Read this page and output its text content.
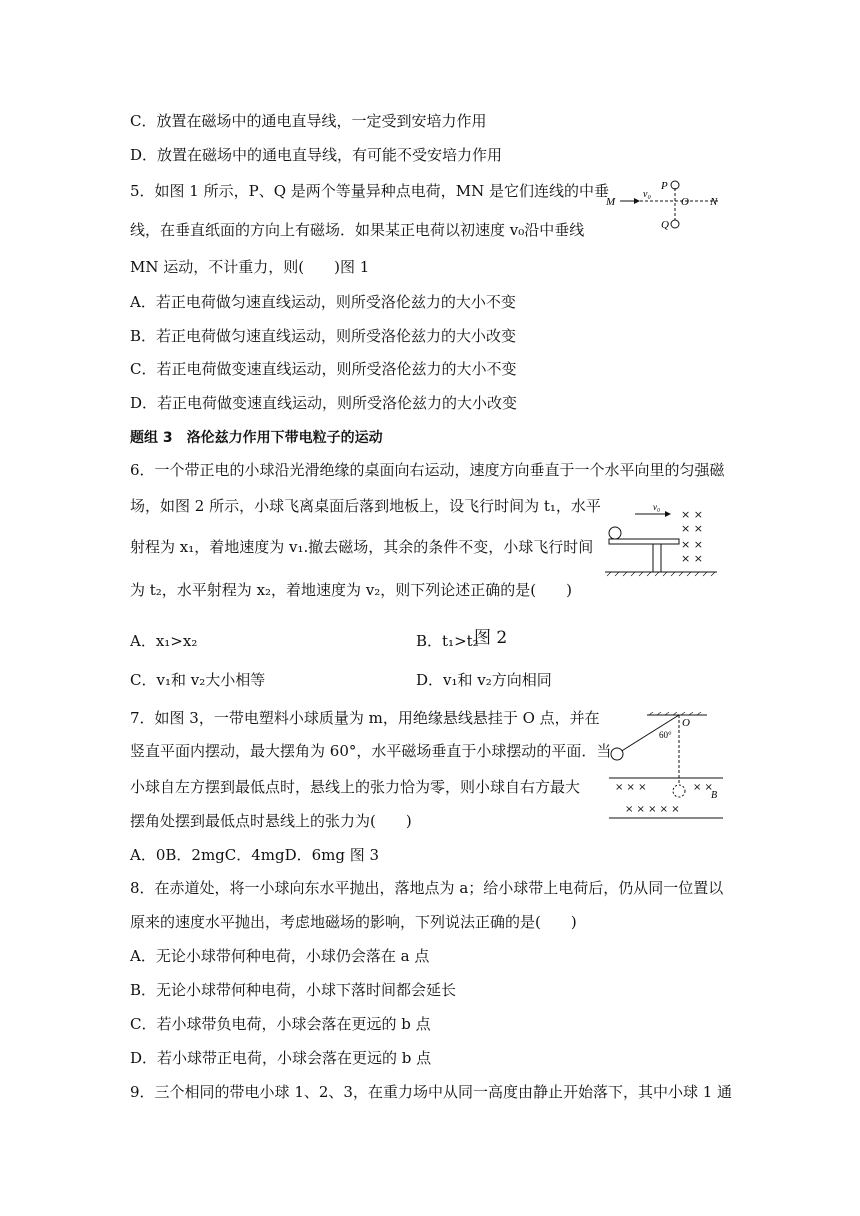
C．放置在磁场中的通电直导线，一定受到安培力作用
D．放置在磁场中的通电直导线，有可能不受安培力作用
5．如图 1 所示，P、Q 是两个等量异种点电荷，MN 是它们连线的中垂
线，在垂直纸面的方向上有磁场．如果某正电荷以初速度 v₀沿中垂线
MN 运动，不计重力，则(　　)图 1
A．若正电荷做匀速直线运动，则所受洛伦兹力的大小不变
B．若正电荷做匀速直线运动，则所受洛伦兹力的大小改变
C．若正电荷做变速直线运动，则所受洛伦兹力的大小不变
D．若正电荷做变速直线运动，则所受洛伦兹力的大小改变
题组 3　洛伦兹力作用下带电粒子的运动
6．一个带正电的小球沿光滑绝缘的桌面向右运动，速度方向垂直于一个水平向里的匀强磁
场，如图 2 所示，小球飞离桌面后落到地板上，设飞行时间为 t₁，水平
射程为 x₁，着地速度为 v₁.撤去磁场，其余的条件不变，小球飞行时间
为 t₂，水平射程为 x₂，着地速度为 v₂，则下列论述正确的是(　　)
A．x₁>x₂	B．t₁>t₂
图 2
C．v₁和 v₂大小相等	D．v₁和 v₂方向相同
7．如图 3，一带电塑料小球质量为 m，用绝缘悬线悬挂于 O 点，并在
竖直平面内摆动，最大摆角为 60°，水平磁场垂直于小球摆动的平面．当
小球自左方摆到最低点时，悬线上的张力恰为零，则小球自右方最大
摆角处摆到最低点时悬线上的张力为(　　)
A．0B．2mgC．4mgD．6mg 图 3
8．在赤道处，将一小球向东水平抛出，落地点为 a；给小球带上电荷后，仍从同一位置以
原来的速度水平抛出，考虑地磁场的影响，下列说法正确的是(　　)
A．无论小球带何种电荷，小球仍会落在 a 点
B．无论小球带何种电荷，小球下落时间都会延长
C．若小球带负电荷，小球会落在更远的 b 点
D．若小球带正电荷，小球会落在更远的 b 点
9．三个相同的带电小球 1、2、3，在重力场中从同一高度由静止开始落下，其中小球 1 通
M
v₀
O N
P
Q
v₀
× ×
× ×
× ×
× ×
O
60°
× × ×	× ×
× × × × ×
B
